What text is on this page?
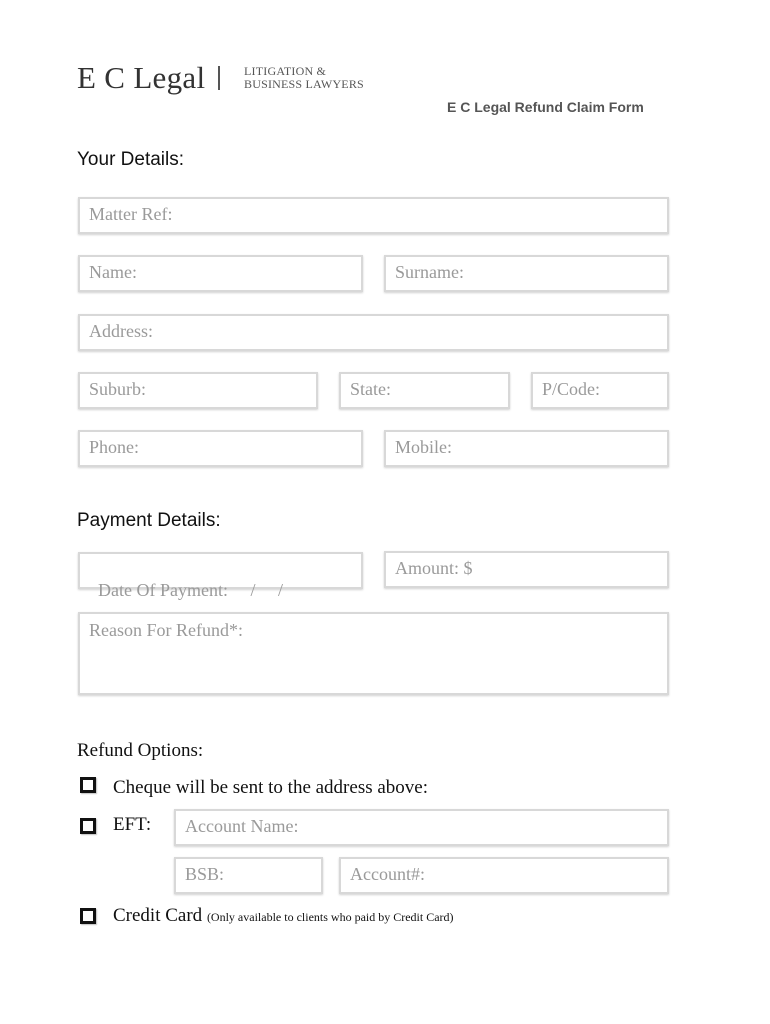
E C Legal	LITIGATION &
BUSINESS LAWYERS
E C Legal Refund Claim Form
Your Details:
Matter Ref:
Name:	Surname:
Address:
Suburb:	State:	P/Code:
Phone:	Mobile:
Payment Details:

Date Of Payment:     /     /

Amount: $
Reason For Refund*:
Refund Options:
Cheque will be sent to the address above:
EFT:	Account Name:
BSB:	Account#:
Credit Card (Only available to clients who paid by Credit Card)
